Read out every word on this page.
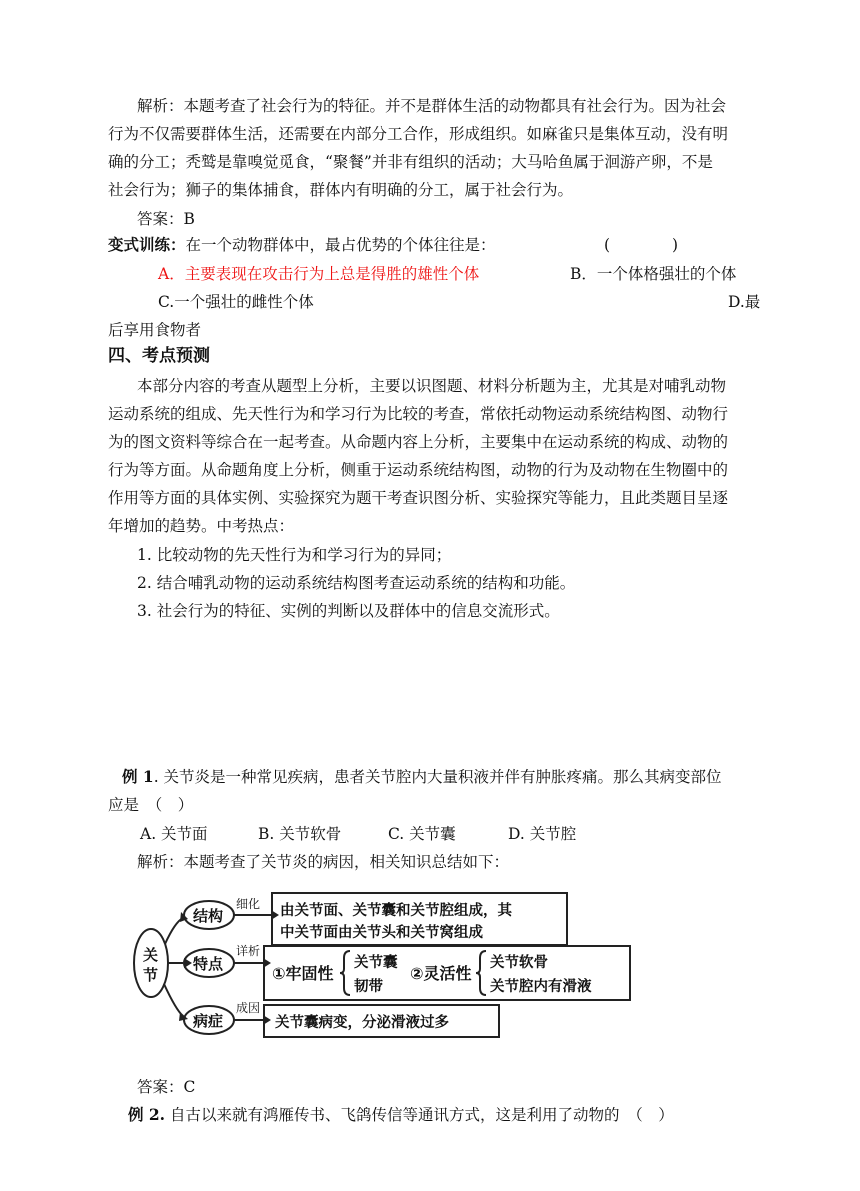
解析：本题考查了社会行为的特征。并不是群体生活的动物都具有社会行为。因为社会
行为不仅需要群体生活，还需要在内部分工合作，形成组织。如麻雀只是集体互动，没有明
确的分工；秃鹫是靠嗅觉觅食，“聚餐”并非有组织的活动；大马哈鱼属于洄游产卵，不是
社会行为；狮子的集体捕食，群体内有明确的分工，属于社会行为。
答案：B
变式训练：在一个动物群体中，最占优势的个体往往是：	(　　　　)
A．主要表现在攻击行为上总是得胜的雄性个体	B．一个体格强壮的个体
C.一个强壮的雌性个体	D.最
后享用食物者
四、考点预测
本部分内容的考查从题型上分析，主要以识图题、材料分析题为主，尤其是对哺乳动物
运动系统的组成、先天性行为和学习行为比较的考查，常依托动物运动系统结构图、动物行
为的图文资料等综合在一起考查。从命题内容上分析，主要集中在运动系统的构成、动物的
行为等方面。从命题角度上分析，侧重于运动系统结构图，动物的行为及动物在生物圈中的
作用等方面的具体实例、实验探究为题干考查识图分析、实验探究等能力，且此类题目呈逐
年增加的趋势。中考热点：
1. 比较动物的先天性行为和学习行为的异同；
2. 结合哺乳动物的运动系统结构图考查运动系统的结构和功能。
3. 社会行为的特征、实例的判断以及群体中的信息交流形式。
例 1. 关节炎是一种常见疾病，患者关节腔内大量积液并伴有肿胀疼痛。那么其病变部位
应是　（　）
A. 关节面	B. 关节软骨	C. 关节囊	D. 关节腔
解析：本题考查了关节炎的病因，相关知识总结如下：
关
节
结构
特点
病症
细化
详析
成因
由关节面、关节囊和关节腔组成，其
中关节面由关节头和关节窝组成
①牢固性
关节囊
韧带
②灵活性
关节软骨
关节腔内有滑液
关节囊病变，分泌滑液过多
答案：C
例 2. 自古以来就有鸿雁传书、飞鸽传信等通讯方式，这是利用了动物的　（　）
